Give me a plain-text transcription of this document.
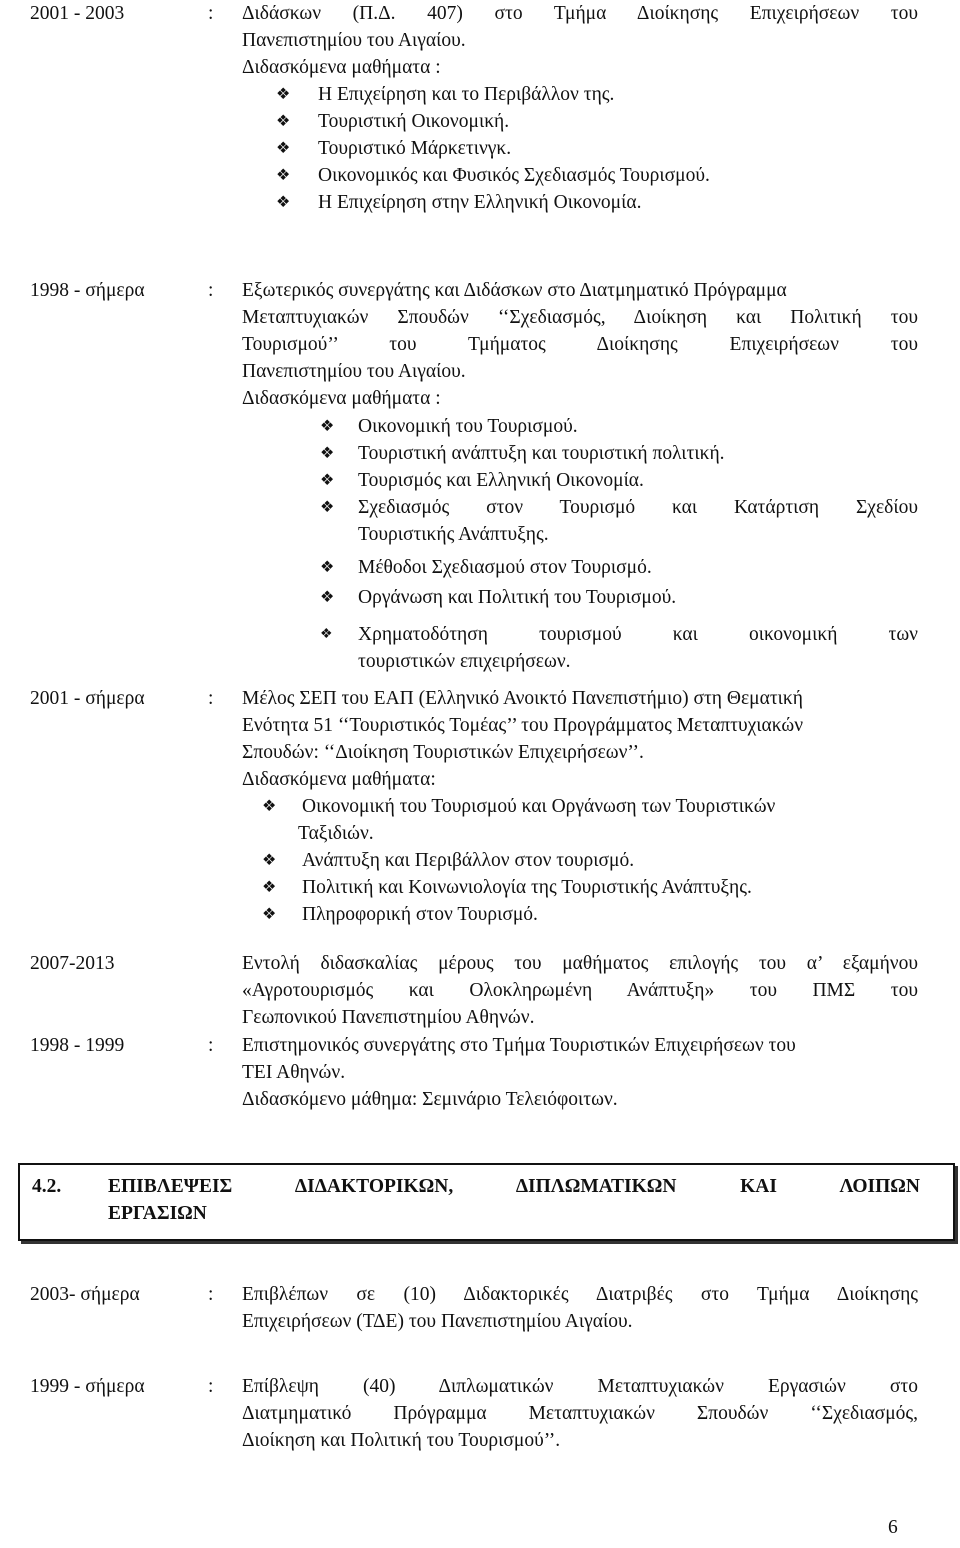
2001 - 2003	: Διδάσκων (Π.Δ. 407) στο Τμήμα Διοίκησης Επιχειρήσεων του
Πανεπιστημίου του Αιγαίου.
Διδασκόμενα μαθήματα :
❖	Η Επιχείρηση και το Περιβάλλον της.
❖	Τουριστική Οικονομική.
❖	Τουριστικό Μάρκετινγκ.
❖	Οικονομικός και Φυσικός Σχεδιασμός Τουρισμού.
❖	Η Επιχείρηση στην Ελληνική Οικονομία.
1998 - σήμερα	: Εξωτερικός συνεργάτης και Διδάσκων στο Διατμηματικό Πρόγραμμα
Μεταπτυχιακών Σπουδών ‘‘Σχεδιασμός, Διοίκηση και Πολιτική του
Τουρισμού’’ του Τμήματος Διοίκησης Επιχειρήσεων του
Πανεπιστημίου του Αιγαίου.
Διδασκόμενα μαθήματα :
❖	Οικονομική του Τουρισμού.
❖	Τουριστική ανάπτυξη και τουριστική πολιτική.
❖	Τουρισμός και Ελληνική Οικονομία.
❖	Σχεδιασμός στον Τουρισμό και Κατάρτιση Σχεδίου
Τουριστικής Ανάπτυξης.
❖	Μέθοδοι Σχεδιασμού στον Τουρισμό.
❖	Οργάνωση και Πολιτική του Τουρισμού.
❖	Χρηματοδότηση τουρισμού και οικονομική των
τουριστικών επιχειρήσεων.
2001 - σήμερα	: Μέλος ΣΕΠ του ΕΑΠ (Ελληνικό Ανοικτό Πανεπιστήμιο) στη Θεματική
Ενότητα 51 ‘‘Τουριστικός Τομέας’’ του Προγράμματος Μεταπτυχιακών
Σπουδών: ‘‘Διοίκηση Τουριστικών Επιχειρήσεων’’.
Διδασκόμενα μαθήματα:
❖	Οικονομική του Τουρισμού και Οργάνωση των Τουριστικών
Ταξιδιών.
❖	Ανάπτυξη και Περιβάλλον στον τουρισμό.
❖	Πολιτική και Κοινωνιολογία της Τουριστικής Ανάπτυξης.
❖	Πληροφορική στον Τουρισμό.
2007-2013	Εντολή διδασκαλίας μέρους του μαθήματος επιλογής του α’ εξαμήνου
«Αγροτουρισμός και Ολοκληρωμένη Ανάπτυξη» του ΠΜΣ του
Γεωπονικού Πανεπιστημίου Αθηνών.
1998 - 1999	: Επιστημονικός συνεργάτης στο Τμήμα Τουριστικών Επιχειρήσεων του
ΤΕΙ Αθηνών.
Διδασκόμενο μάθημα: Σεμινάριο Τελειόφοιτων.
4.2. ΕΠΙΒΛΕΨΕΙΣ ΔΙΔΑΚΤΟΡΙΚΩΝ, ΔΙΠΛΩΜΑΤΙΚΩΝ ΚΑΙ ΛΟΙΠΩΝ
ΕΡΓΑΣΙΩΝ
2003- σήμερα	: Επιβλέπων σε (10) Διδακτορικές Διατριβές στο Τμήμα Διοίκησης
Επιχειρήσεων (ΤΔΕ) του Πανεπιστημίου Αιγαίου.
1999 - σήμερα	: Επίβλεψη (40) Διπλωματικών Μεταπτυχιακών Εργασιών στο
Διατμηματικό Πρόγραμμα Μεταπτυχιακών Σπουδών ‘‘Σχεδιασμός,
Διοίκηση και Πολιτική του Τουρισμού’’.
6
